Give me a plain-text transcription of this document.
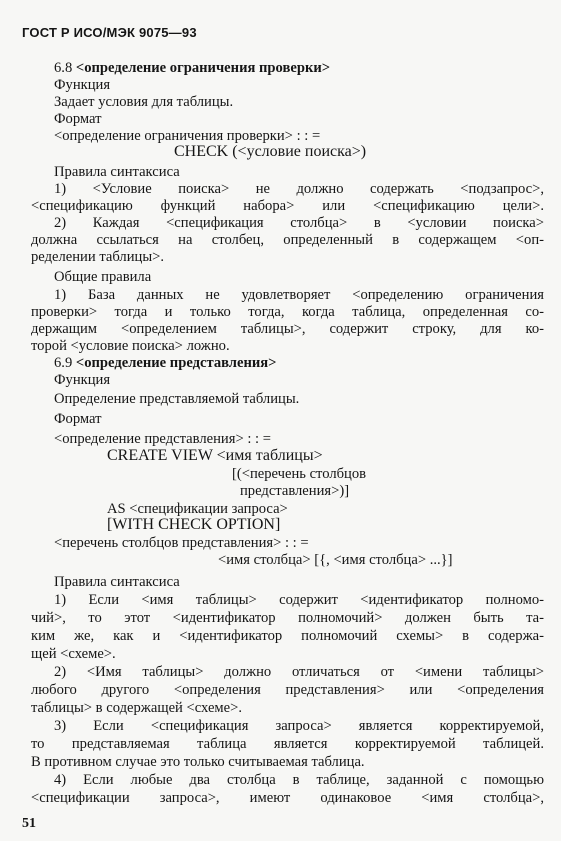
ГОСТ Р ИСО/МЭК 9075—93
6.8 <определение ограничения проверки>
Функция
Задает условия для таблицы.
Формат
<определение ограничения проверки> : : =
CHECK (<условие поиска>)
Правила синтаксиса
1) <Условие поиска> не должно содержать <подзапрос>,
<спецификацию функций набора> или <спецификацию цели>.
2) Каждая <спецификация столбца> в <условии поиска>
должна ссылаться на столбец, определенный в содержащем <оп-
ределении таблицы>.
Общие правила
1) База данных не удовлетворяет <определению ограничения
проверки> тогда и только тогда, когда таблица, определенная со-
держащим <определением таблицы>, содержит строку, для ко-
торой <условие поиска> ложно.
6.9 <определение представления>
Функция
Определение представляемой таблицы.
Формат
<определение представления> : : =
CREATE VIEW <имя таблицы>
[(<перечень столбцов
представления>)]
AS <спецификации запроса>
[WITH CHECK OPTION]
<перечень столбцов представления> : : =
<имя столбца> [{, <имя столбца> ...}]
Правила синтаксиса
1) Если <имя таблицы> содержит <идентификатор полномо-
чий>, то этот <идентификатор полномочий> должен быть та-
ким же, как и <идентификатор полномочий схемы> в содержа-
щей <схеме>.
2) <Имя таблицы> должно отличаться от <имени таблицы>
любого другого <определения представления> или <определения
таблицы> в содержащей <схеме>.
3) Если <спецификация запроса> является корректируемой,
то представляемая таблица является корректируемой таблицей.
В противном случае это только считываемая таблица.
4) Если любые два столбца в таблице, заданной с помощью
<спецификации запроса>, имеют одинаковое <имя столбца>,
51
